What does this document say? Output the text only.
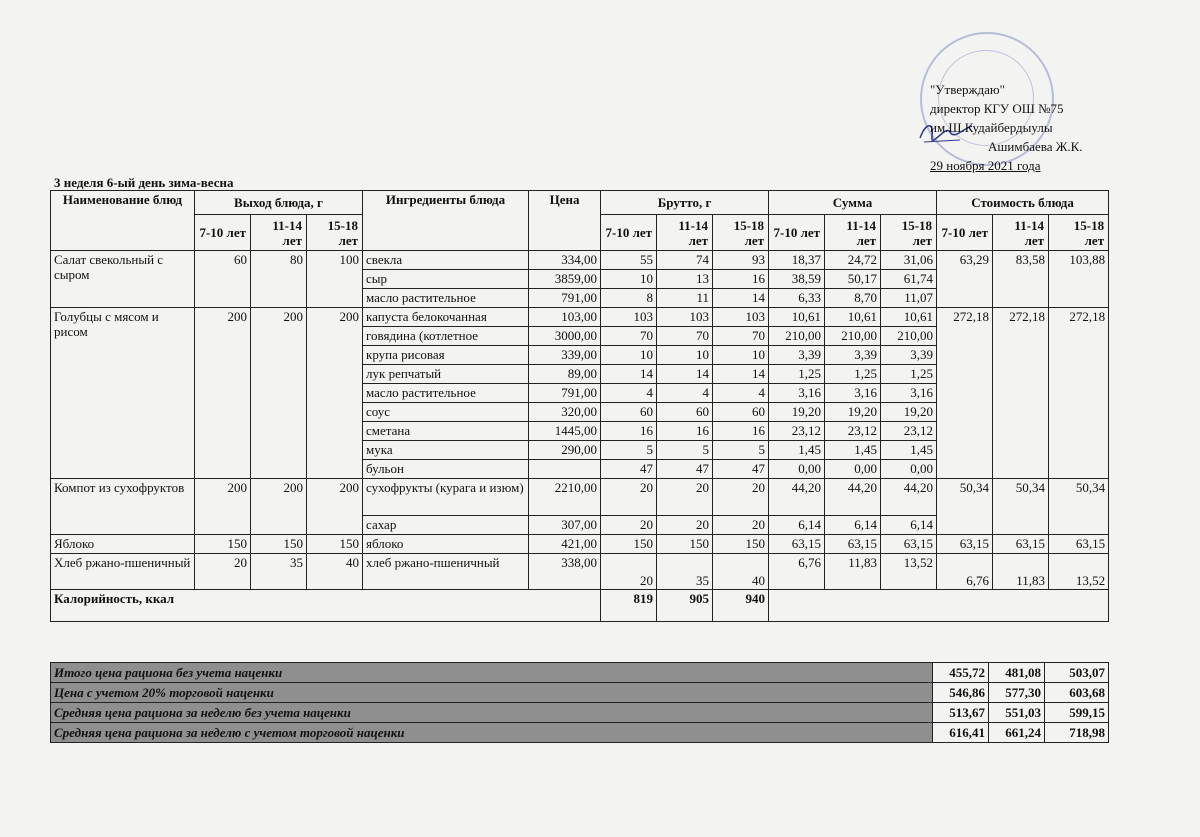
"Утверждаю"
директор КГУ ОШ №75
им.Ш.Кудайбердыулы
Ашимбаева Ж.К.
29 ноября 2021 года
3 неделя 6-ый день зима-весна
Наименование блюд	Выход блюда, г			Ингредиенты блюда	Цена	Брутто, г			Сумма			Стоимость блюда		
	7-10 лет	11-14 лет	15-18 лет			7-10 лет	11-14 лет	15-18 лет	7-10 лет	11-14 лет	15-18 лет	7-10 лет	11-14 лет	15-18 лет
Салат свекольный с сыром	60	80	100	свекла	334,00	55	74	93	18,37	24,72	31,06	63,29	83,58	103,88
				сыр	3859,00	10	13	16	38,59	50,17	61,74			
				масло растительное	791,00	8	11	14	6,33	8,70	11,07			
Голубцы с мясом и рисом	200	200	200	капуста белокочанная	103,00	103	103	103	10,61	10,61	10,61	272,18	272,18	272,18
				говядина (котлетное	3000,00	70	70	70	210,00	210,00	210,00			
				крупа рисовая	339,00	10	10	10	3,39	3,39	3,39			
				лук репчатый	89,00	14	14	14	1,25	1,25	1,25			
				масло растительное	791,00	4	4	4	3,16	3,16	3,16			
				соус	320,00	60	60	60	19,20	19,20	19,20			
				сметана	1445,00	16	16	16	23,12	23,12	23,12			
				мука	290,00	5	5	5	1,45	1,45	1,45			
				бульон		47	47	47	0,00	0,00	0,00			
Компот из сухофруктов	200	200	200	сухофрукты (курага и изюм)	2210,00	20	20	20	44,20	44,20	44,20	50,34	50,34	50,34
				сахар	307,00	20	20	20	6,14	6,14	6,14			
Яблоко	150	150	150	яблоко	421,00	150	150	150	63,15	63,15	63,15	63,15	63,15	63,15
Хлеб ржано-пшеничный	20	35	40	хлеб ржано-пшеничный	338,00	20	35	40	6,76	11,83	13,52	6,76	11,83	13,52
Калорийность, ккал						819	905	940						
Итого цена рациона без учета наценки	455,72	481,08	503,07
Цена с учетом 20% торговой наценки	546,86	577,30	603,68
Средняя цена рациона за неделю без учета наценки	513,67	551,03	599,15
Средняя цена рациона за неделю с учетом торговой наценки	616,41	661,24	718,98
